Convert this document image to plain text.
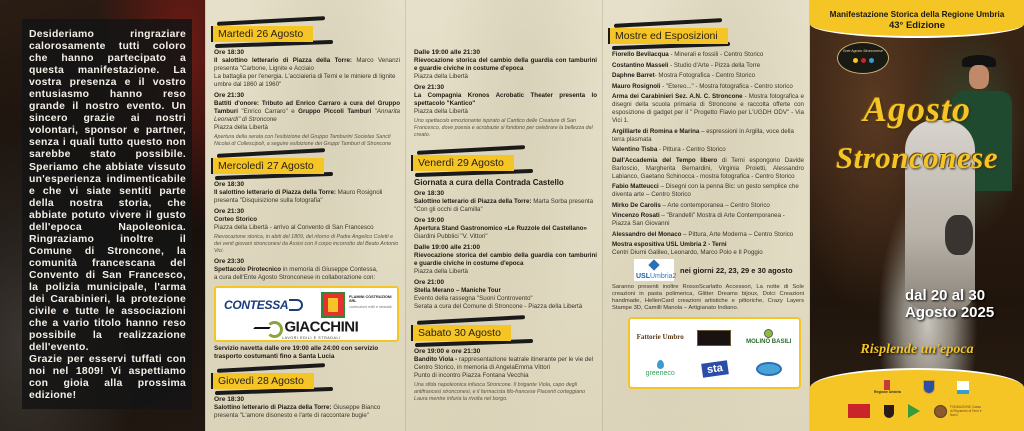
Desideriamo ringraziare calorosamente tutti coloro che hanno partecipato a questa manifestazione. La vostra presenza e il vostro entusiasmo hanno reso grande il nostro evento. Un sincero grazie ai nostri volontari, sponsor e partner, senza i quali tutto questo non sarebbe stato possibile. Speriamo che abbiate vissuto un'esperienza indimenticabile e che vi siate sentiti parte della nostra storia, che abbiate potuto vivere il gusto dell'epoca Napoleonica. Ringraziamo inoltre il Comune di Stroncone, la comunità francescana del Convento di San Francesco, la polizia municipale, l'arma dei Carabinieri, la protezione civile e tutte le associazioni che a vario titolo hanno reso possibile la realizzazione dell'evento.

Grazie per esservi tuffati con noi nel 1809! Vi aspettiamo con gioia alla prossima edizione!

Martedì 26 Agosto
Ore 18:30
Il salottino letterario di Piazza della Torre: Marco Venanzi presenta "Carbone, Lignite e Acciaio
La battaglia per l'energia. L'acciaieria di Terni e le miniere di lignite umbre dal 1860 al 1960"
Ore 21:30
Battiti d'onore: Tributo ad Enrico Carraro a cura del Gruppo Tamburi "Enrico Carraro" e Gruppo Piccoli Tamburi "Annarita Leonardi" di Stroncone
Piazza della Libertà
Apertura della serata con l'esibizione del Gruppo Tamburini Societas Sancti Nicolai di Collescipoli, a seguire esibizione dei Gruppi Tamburi di Stroncone
Mercoledì 27 Agosto
Ore 18:30
Il salottino letterario di Piazza della Torre: Mauro Rosignoli presenta "Disquisizione sulla fotografia"
Ore 21:30
Corteo Storico
Piazza della Libertà - arrivo al Convento di San Francesco
Rievocazione storica, in abiti del 1809, del ritorno di Padre Angelico Coletti e dei venti giovani stronconesi da Assisi con il corpo incorrotto del Beato Antonio Vici.
Ore 23:30
Spettacolo Pirotecnico in memoria di Giuseppe Contessa,
a cura dell'Ente Agosto Stronconese in collaborazione con:
CONTESSA
FLAMINI COSTRUZIONI SRL
costruzioni edili e stradali
GIACCHINI
LAVORI EDILI E STRADALI
Servizio navetta dalle ore 19:00 alle 24:00 con servizio trasporto costumanti fino a Santa Lucia
Giovedì 28 Agosto
Ore 18:30
Salottino letterario di Piazza della Torre: Giuseppe Bianco presenta "L'amore disonesto e l'arte di raccontare bugie"
Dalle 19:00 alle 21:30
Rievocazione storica del cambio della guardia con tamburini e guardie civiche in costume d'epoca
Piazza della Libertà
Ore 21:30
La Compagnia Kronos Acrobatic Theater presenta lo spettacolo "Kantico"
Piazza della Libertà
Uno spettacolo emozionante ispirato al Cantico delle Creature di San Francesco, dove poesia e acrobazie si fondono per celebrare la bellezza del creato.
Venerdì 29 Agosto
Giornata a cura della Contrada Castello
Ore 18:30
Salottino letterario di Piazza della Torre: Marta Sorba presenta "Con gli occhi di Camilla"
Ore 19:00
Apertura Stand Gastronomico «Le Ruzzole del Castellano»
Giardini Pubblici "V. Vittori"
Dalle 19:00 alle 21:00
Rievocazione storica del cambio della guardia con tamburini e guardie civiche in costume d'epoca
Piazza della Libertà
Ore 21:00
Stella Merano – Maniche Tour
Evento della rassegna "Suoni Controvento"
Serata a cura del Comune di Stroncone - Piazza della Libertà
Sabato 30 Agosto
Ore 19:00 e ore 21:30
Bandito Viola - rappresentazione teatrale itinerante per le vie del Centro Storico, in memoria di AngelaEmma Vittori
Punto di incontro Piazza Fontana Vecchia
Una sfida napoleonica infuoca Stroncone. Il brigante Viola, capo degli antifrancesi stronconesi, e il farmacista filo-francese Piacenti corteggiano Laura mentre infuria la rivolta nel borgo.
Mostre ed Esposizioni
Fiorello Bevilacqua - Minerali e fossili - Centro Storico
Costantino Masseli - Studio d'Arte - Pizza della Torre
Daphne Barret- Mostra Fotografica - Centro Storico
Mauro Rosignoli - "Etereo..." - Mostra fotografica - Centro storico
Arma dei Carabinieri Sez. A.N. C. Stroncone - Mostra fotografica e disegni della scuola primaria di Stroncone e raccolta offerte con esposizione di gadget per il " Progetto Flavio per L'UGDH ODV" - Via Vici 1.
Argilliarte di Romina e Marina – espressioni in Argilla, voce della terra plasmata
Valentino Tisba - Pittura - Centro Storico
Dall'Accademia del Tempo libero di Terni espongono Davide Barloscio, Margherita Bernardini, Virginia Proietti, Alessandro Labianco, Gaetano Schinocca - mostra fotografica - Centro Storico
Fabio Matteucci – Disegni con la penna Bic: un gesto semplice che diventa arte – Centro Storico
Mirko De Carolis – Arte contemporanea – Centro Storico
Vincenzo Rosati – "Brandelli" Mostra di Arte Contemporanea - Piazza San Giovanni
Alessandro del Monaco – Pittura, Arte Moderna – Centro Storico
Mostra espositiva USL Umbria 2 - Terni
Centri Diurni Galileo, Leonardo, Marco Polo e Il Poggio
USLUmbria2
nei giorni 22, 23, 29 e 30 agosto
Saranno presenti inoltre RossoScarlatto Accessori, La notte di Sole creazioni in pasta polimerica, Glitter Dreams bijoux, Dolci Creazioni handmade, HellenCard creazioni artistiche e pittoriche, Crazy Layers Stampe 3D, Camilli Manola – Artigianato Indiano.
Fattorie Umbro
MOLINO BASILI
greeneco	sta
Manifestazione Storica della Regione Umbria
43° Edizione
Ente Agosto Stronconese
Agosto
Stronconese
dal 20 al 30
Agosto 2025
Risplende un'epoca
Regione Umbria
FONDAZIONE Cassa di Risparmio di Terni e Narni
